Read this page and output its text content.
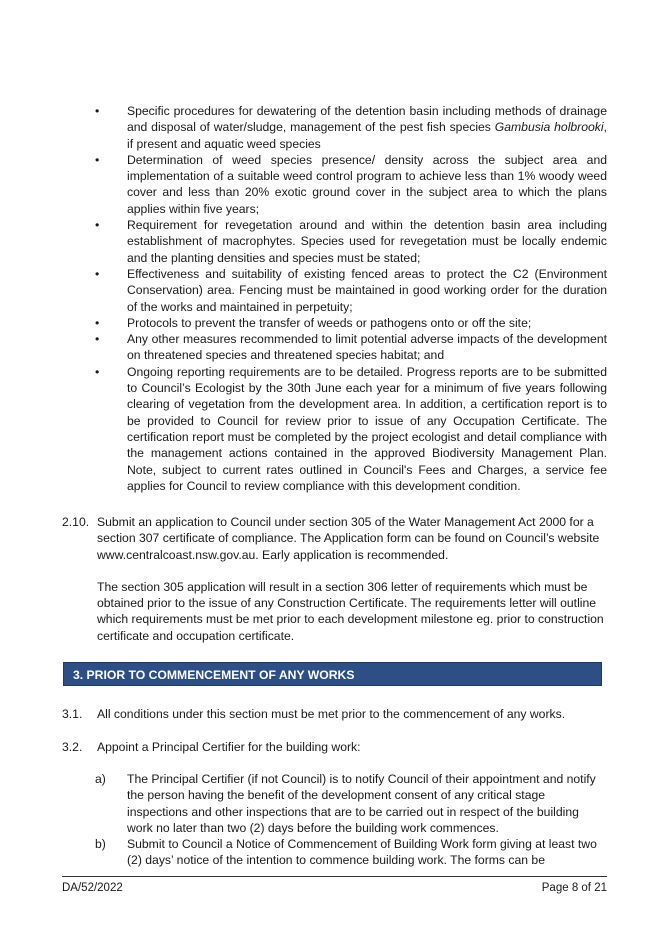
•	Specific procedures for dewatering of the detention basin including methods of drainage and disposal of water/sludge, management of the pest fish species Gambusia holbrooki, if present and aquatic weed species

•	Determination of weed species presence/ density across the subject area and implementation of a suitable weed control program to achieve less than 1% woody weed cover and less than 20% exotic ground cover in the subject area to which the plans applies within five years;

•	Requirement for revegetation around and within the detention basin area including establishment of macrophytes. Species used for revegetation must be locally endemic and the planting densities and species must be stated;

•	Effectiveness and suitability of existing fenced areas to protect the C2 (Environment Conservation) area. Fencing must be maintained in good working order for the duration of the works and maintained in perpetuity;

•	Protocols to prevent the transfer of weeds or pathogens onto or off the site;

•	Any other measures recommended to limit potential adverse impacts of the development on threatened species and threatened species habitat; and

•	Ongoing reporting requirements are to be detailed. Progress reports are to be submitted to Council’s Ecologist by the 30th June each year for a minimum of five years following clearing of vegetation from the development area. In addition, a certification report is to be provided to Council for review prior to issue of any Occupation Certificate. The certification report must be completed by the project ecologist and detail compliance with the management actions contained in the approved Biodiversity Management Plan. Note, subject to current rates outlined in Council's Fees and Charges, a service fee applies for Council to review compliance with this development condition.

2.10. Submit an application to Council under section 305 of the Water Management Act 2000 for a section 307 certificate of compliance. The Application form can be found on Council’s website www.centralcoast.nsw.gov.au. Early application is recommended.

The section 305 application will result in a section 306 letter of requirements which must be obtained prior to the issue of any Construction Certificate. The requirements letter will outline which requirements must be met prior to each development milestone eg. prior to construction certificate and occupation certificate.

3. PRIOR TO COMMENCEMENT OF ANY WORKS
3.1. All conditions under this section must be met prior to the commencement of any works.

3.2. Appoint a Principal Certifier for the building work:

a) The Principal Certifier (if not Council) is to notify Council of their appointment and notify the person having the benefit of the development consent of any critical stage inspections and other inspections that are to be carried out in respect of the building work no later than two (2) days before the building work commences.

b) Submit to Council a Notice of Commencement of Building Work form giving at least two (2) days’ notice of the intention to commence building work. The forms can be

DA/52/2022	Page 8 of 21
